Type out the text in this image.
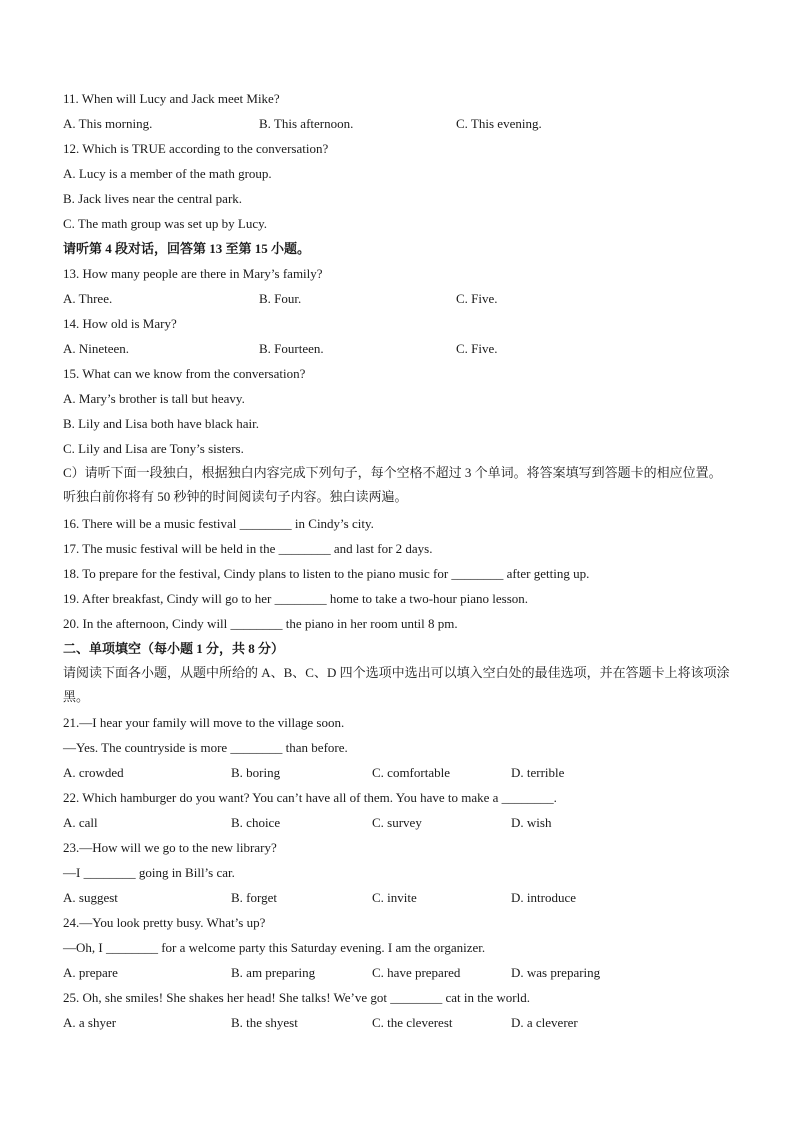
11. When will Lucy and Jack meet Mike?
A. This morning.	B. This afternoon.	C. This evening.
12. Which is TRUE according to the conversation?
A. Lucy is a member of the math group.
B. Jack lives near the central park.
C. The math group was set up by Lucy.
请听第 4 段对话，回答第 13 至第 15 小题。
13. How many people are there in Mary’s family?
A. Three.	B. Four.	C. Five.
14. How old is Mary?
A. Nineteen.	B. Fourteen.	C. Five.
15. What can we know from the conversation?
A. Mary’s brother is tall but heavy.
B. Lily and Lisa both have black hair.
C. Lily and Lisa are Tony’s sisters.
C）请听下面一段独白，根据独白内容完成下列句子，每个空格不超过 3 个单词。将答案填写到答题卡的相应位置。听独白前你将有 50 秒钟的时间阅读句子内容。独白读两遍。
16. There will be a music festival ________ in Cindy’s city.
17. The music festival will be held in the ________ and last for 2 days.
18. To prepare for the festival, Cindy plans to listen to the piano music for ________ after getting up.
19. After breakfast, Cindy will go to her ________ home to take a two-hour piano lesson.
20. In the afternoon, Cindy will ________ the piano in her room until 8 pm.
二、单项填空（每小题 1 分，共 8 分）
请阅读下面各小题，从题中所给的 A、B、C、D 四个选项中选出可以填入空白处的最佳选项，并在答题卡上将该项涂黑。
21.—I hear your family will move to the village soon.
—Yes. The countryside is more ________ than before.
A. crowded	B. boring	C. comfortable	D. terrible
22. Which hamburger do you want? You can’t have all of them. You have to make a ________.
A. call	B. choice	C. survey	D. wish
23.—How will we go to the new library?
—I ________ going in Bill’s car.
A. suggest	B. forget	C. invite	D. introduce
24.—You look pretty busy. What’s up?
—Oh, I ________ for a welcome party this Saturday evening. I am the organizer.
A. prepare	B. am preparing	C. have prepared	D. was preparing
25. Oh, she smiles! She shakes her head! She talks! We’ve got ________ cat in the world.
A. a shyer	B. the shyest	C. the cleverest	D. a cleverer
